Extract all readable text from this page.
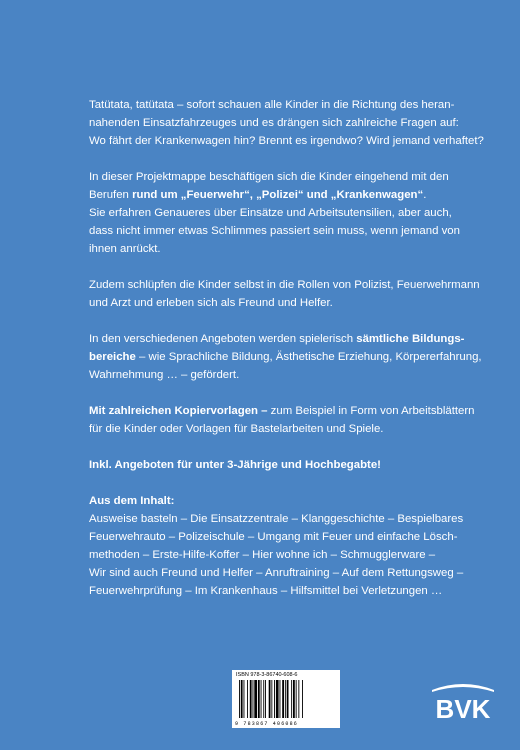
Tatütata, tatütata – sofort schauen alle Kinder in die Richtung des heran-
nahenden Einsatzfahrzeuges und es drängen sich zahlreiche Fragen auf:
Wo fährt der Krankenwagen hin? Brennt es irgendwo? Wird jemand verhaftet?

In dieser Projektmappe beschäftigen sich die Kinder eingehend mit den
Berufen rund um „Feuerwehr“, „Polizei“ und „Krankenwagen“.
Sie erfahren Genaueres über Einsätze und Arbeitsutensilien, aber auch,
dass nicht immer etwas Schlimmes passiert sein muss, wenn jemand von
ihnen anrückt.

Zudem schlüpfen die Kinder selbst in die Rollen von Polizist, Feuerwehrmann
und Arzt und erleben sich als Freund und Helfer.

In den verschiedenen Angeboten werden spielerisch sämtliche Bildungs-
bereiche – wie Sprachliche Bildung, Ästhetische Erziehung, Körpererfahrung,
Wahrnehmung … – gefördert.

Mit zahlreichen Kopiervorlagen – zum Beispiel in Form von Arbeitsblättern
für die Kinder oder Vorlagen für Bastelarbeiten und Spiele.

Inkl. Angeboten für unter 3-Jährige und Hochbegabte!

Aus dem Inhalt:
Ausweise basteln – Die Einsatzzentrale – Klanggeschichte – Bespielbares
Feuerwehrauto – Polizeischule – Umgang mit Feuer und einfache Lösch-
methoden – Erste-Hilfe-Koffer – Hier wohne ich – Schmugglerware –
Wir sind auch Freund und Helfer – Anruftraining – Auf dem Rettungsweg –
Feuerwehrprüfung – Im Krankenhaus – Hilfsmittel bei Verletzungen …

ISBN 978-3-86740-608-6
9 783867 406086	BVK
